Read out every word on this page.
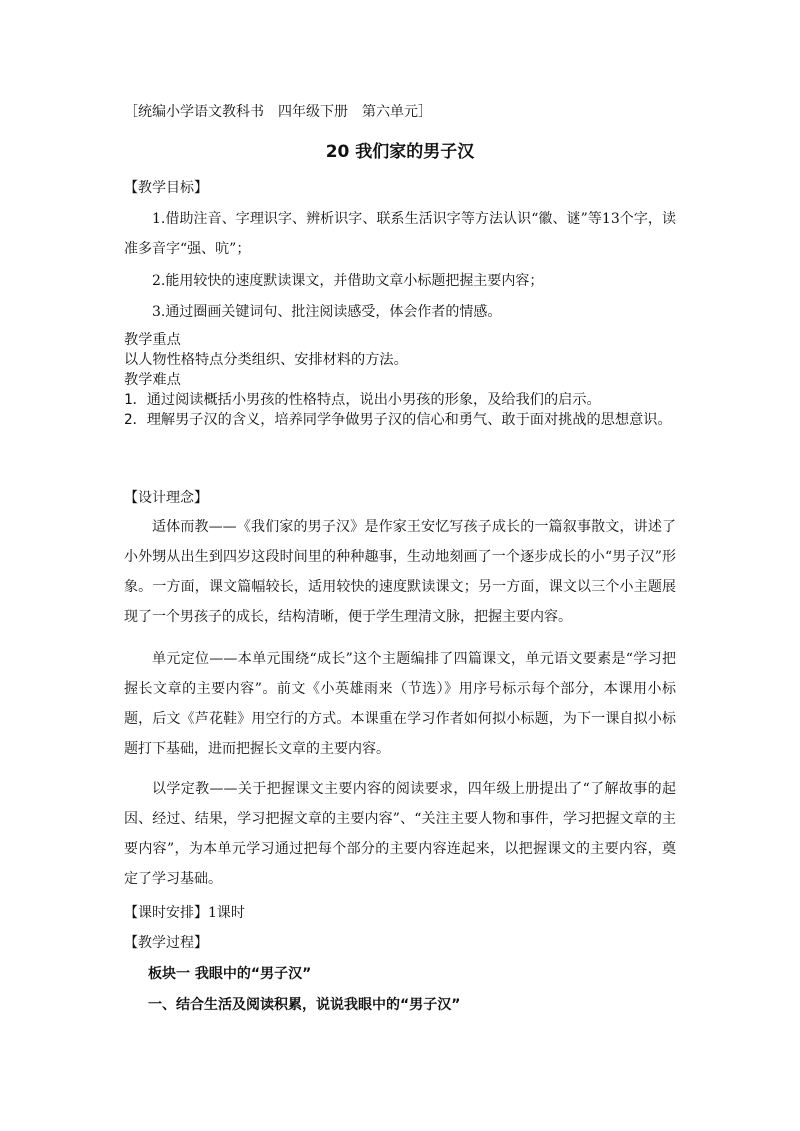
［统编小学语文教科书　四年级下册　第六单元］
20 我们家的男子汉
【教学目标】
1.借助注音、字理识字、辨析识字、联系生活识字等方法认识“徽、谜”等13个字，读准多音字“强、吭”；
2.能用较快的速度默读课文，并借助文章小标题把握主要内容；
3.通过圈画关键词句、批注阅读感受，体会作者的情感。
教学重点
以人物性格特点分类组织、安排材料的方法。
教学难点
1．通过阅读概括小男孩的性格特点，说出小男孩的形象，及给我们的启示。
2．理解男子汉的含义，培养同学争做男子汉的信心和勇气、敢于面对挑战的思想意识。
【设计理念】
适体而教——《我们家的男子汉》是作家王安忆写孩子成长的一篇叙事散文，讲述了小外甥从出生到四岁这段时间里的种种趣事，生动地刻画了一个逐步成长的小“男子汉”形象。一方面，课文篇幅较长，适用较快的速度默读课文；另一方面，课文以三个小主题展现了一个男孩子的成长，结构清晰，便于学生理清文脉，把握主要内容。
单元定位——本单元围绕“成长”这个主题编排了四篇课文，单元语文要素是“学习把握长文章的主要内容”。前文《小英雄雨来（节选）》用序号标示每个部分，本课用小标题，后文《芦花鞋》用空行的方式。本课重在学习作者如何拟小标题，为下一课自拟小标题打下基础，进而把握长文章的主要内容。
以学定教——关于把握课文主要内容的阅读要求，四年级上册提出了“了解故事的起因、经过、结果，学习把握文章的主要内容”、“关注主要人物和事件，学习把握文章的主要内容”，为本单元学习通过把每个部分的主要内容连起来，以把握课文的主要内容，奠定了学习基础。
【课时安排】1课时
【教学过程】
板块一 我眼中的“男子汉”
一、结合生活及阅读积累，说说我眼中的“男子汉”
